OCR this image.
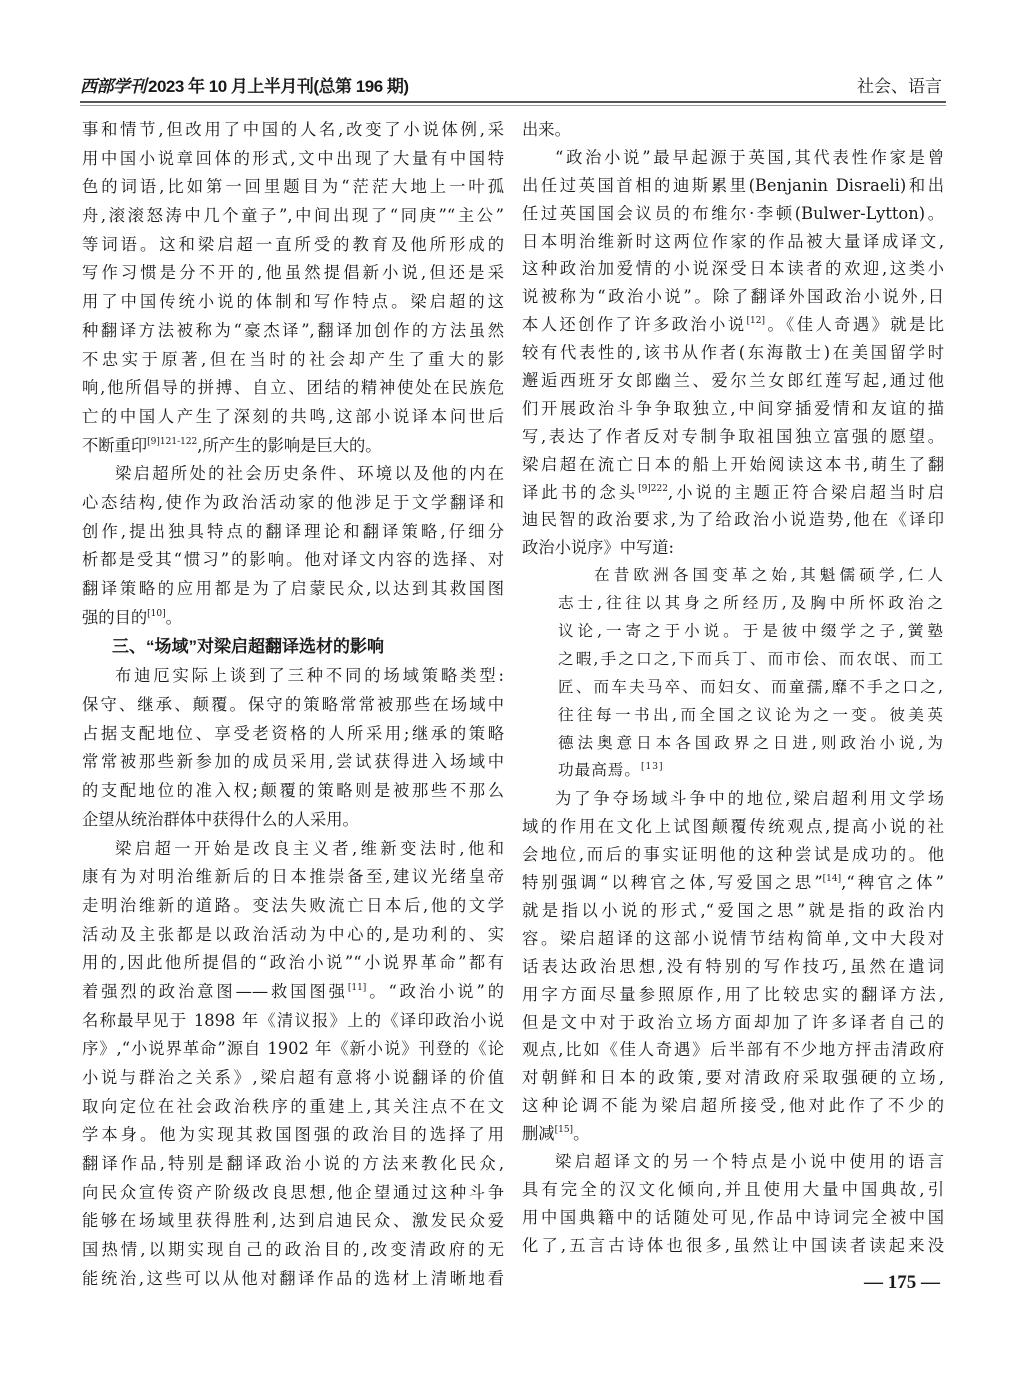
西部学刊 2023 年 10 月上半月刊(总第 196 期)	社会、语言
事和情节,但改用了中国的人名,改变了小说体例,采
用中国小说章回体的形式,文中出现了大量有中国特
色的词语,比如第一回里题目为“茫茫大地上一叶孤
舟,滚滚怒涛中几个童子”,中间出现了“同庚”“主公”
等词语。这和梁启超一直所受的教育及他所形成的
写作习惯是分不开的,他虽然提倡新小说,但还是采
用了中国传统小说的体制和写作特点。梁启超的这
种翻译方法被称为“豪杰译”,翻译加创作的方法虽然
不忠实于原著,但在当时的社会却产生了重大的影
响,他所倡导的拼搏、自立、团结的精神使处在民族危
亡的中国人产生了深刻的共鸣,这部小说译本问世后
不断重印$^{[9]121-122}$,所产生的影响是巨大的。
梁启超所处的社会历史条件、环境以及他的内在
心态结构,使作为政治活动家的他涉足于文学翻译和
创作,提出独具特点的翻译理论和翻译策略,仔细分
析都是受其“惯习”的影响。他对译文内容的选择、对
翻译策略的应用都是为了启蒙民众,以达到其救国图
强的目的[10]。
三、“场域”对梁启超翻译选材的影响
布迪厄实际上谈到了三种不同的场域策略类型:
保守、继承、颠覆。保守的策略常常被那些在场域中
占据支配地位、享受老资格的人所采用;继承的策略
常常被那些新参加的成员采用,尝试获得进入场域中
的支配地位的准入权;颠覆的策略则是被那些不那么
企望从统治群体中获得什么的人采用。
梁启超一开始是改良主义者,维新变法时,他和
康有为对明治维新后的日本推崇备至,建议光绪皇帝
走明治维新的道路。变法失败流亡日本后,他的文学
活动及主张都是以政治活动为中心的,是功利的、实
用的,因此他所提倡的“政治小说”“小说界革命”都有
着强烈的政治意图——救国图强[11]。“政治小说”的
名称最早见于 1898 年《清议报》上的《译印政治小说
序》,“小说界革命”源自 1902 年《新小说》刊登的《论
小说与群治之关系》,梁启超有意将小说翻译的价值
取向定位在社会政治秩序的重建上,其关注点不在文
学本身。他为实现其救国图强的政治目的选择了用
翻译作品,特别是翻译政治小说的方法来教化民众,
向民众宣传资产阶级改良思想,他企望通过这种斗争
能够在场域里获得胜利,达到启迪民众、激发民众爱
国热情,以期实现自己的政治目的,改变清政府的无
能统治,这些可以从他对翻译作品的选材上清晰地看
出来。
“政治小说”最早起源于英国,其代表性作家是曾
出任过英国首相的迪斯累里(Benjanin Disraeli)和出
任过英国国会议员的布维尔·李顿(Bulwer-Lytton)。
日本明治维新时这两位作家的作品被大量译成译文,
这种政治加爱情的小说深受日本读者的欢迎,这类小
说被称为“政治小说”。除了翻译外国政治小说外,日
本人还创作了许多政治小说[12]。《佳人奇遇》就是比
较有代表性的,该书从作者(东海散士)在美国留学时
邂逅西班牙女郎幽兰、爱尔兰女郎红莲写起,通过他
们开展政治斗争争取独立,中间穿插爱情和友谊的描
写,表达了作者反对专制争取祖国独立富强的愿望。
梁启超在流亡日本的船上开始阅读这本书,萌生了翻
译此书的念头$^{[9]222}$,小说的主题正符合梁启超当时启
迪民智的政治要求,为了给政治小说造势,他在《译印
政治小说序》中写道:
在昔欧洲各国变革之始,其魁儒硕学,仁人
志士,往往以其身之所经历,及胸中所怀政治之
议论,一寄之于小说。于是彼中缀学之子,黉塾
之暇,手之口之,下而兵丁、而市侩、而农氓、而工
匠、而车夫马卒、而妇女、而童孺,靡不手之口之,
往往每一书出,而全国之议论为之一变。彼美英
德法奥意日本各国政界之日进,则政治小说,为
功最高焉。[13]
为了争夺场域斗争中的地位,梁启超利用文学场
域的作用在文化上试图颠覆传统观点,提高小说的社
会地位,而后的事实证明他的这种尝试是成功的。他
特别强调“以稗官之体,写爱国之思”[14],“稗官之体”
就是指以小说的形式,“爱国之思”就是指的政治内
容。梁启超译的这部小说情节结构简单,文中大段对
话表达政治思想,没有特别的写作技巧,虽然在遣词
用字方面尽量参照原作,用了比较忠实的翻译方法,
但是文中对于政治立场方面却加了许多译者自己的
观点,比如《佳人奇遇》后半部有不少地方抨击清政府
对朝鲜和日本的政策,要对清政府采取强硬的立场,
这种论调不能为梁启超所接受,他对此作了不少的
删减[15]。
梁启超译文的另一个特点是小说中使用的语言
具有完全的汉文化倾向,并且使用大量中国典故,引
用中国典籍中的话随处可见,作品中诗词完全被中国
化了,五言古诗体也很多,虽然让中国读者读起来没
— 175 —
